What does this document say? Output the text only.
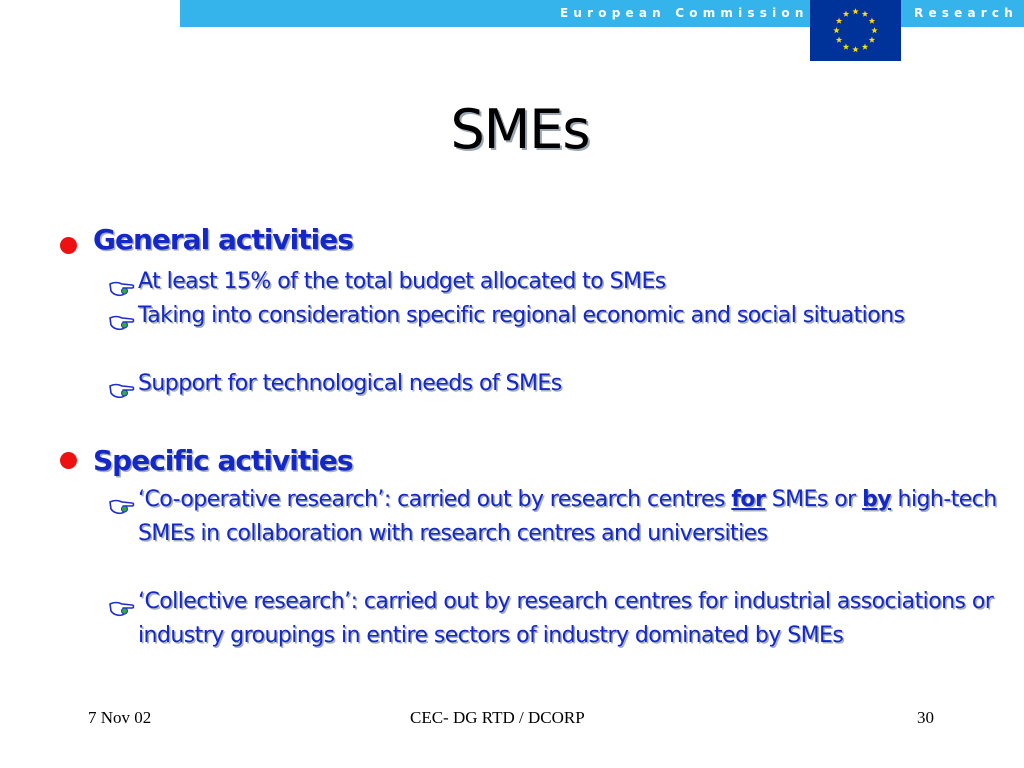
European Commission	Research
SMEs
General activities
At least 15% of the total budget allocated to SMEs
Taking into consideration specific regional economic and social situations
Support for technological needs of SMEs
Specific activities
‘Co-operative research’: carried out by research centres for SMEs or by high-tech SMEs in collaboration with research centres and universities
‘Collective research’: carried out by research centres for industrial associations or industry groupings in entire sectors of industry dominated by SMEs
7 Nov 02	CEC- DG RTD / DCORP	30
